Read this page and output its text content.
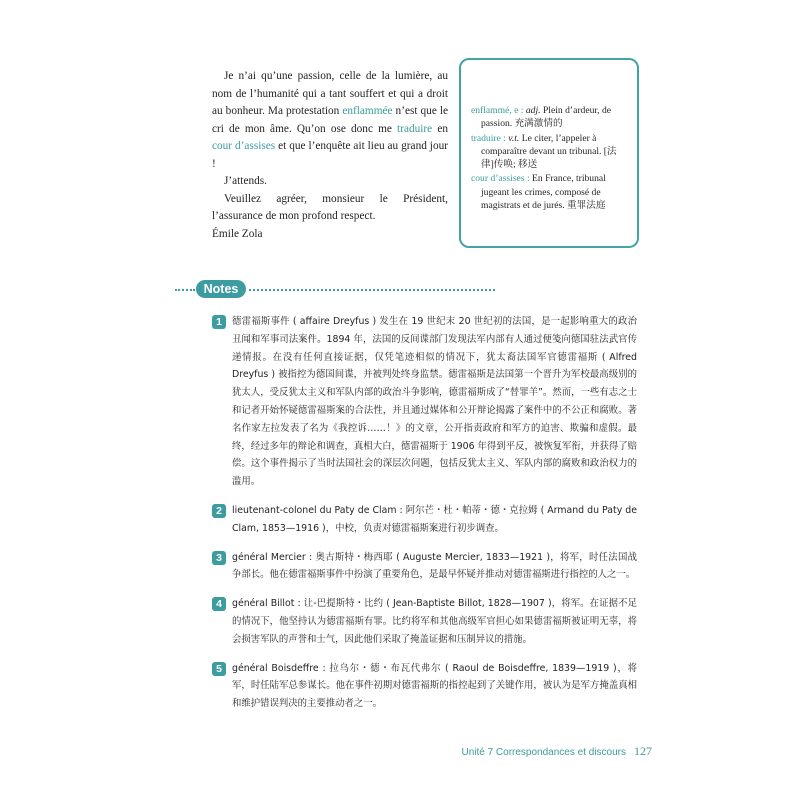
Je n’ai qu’une passion, celle de la lumière, au nom de l’humanité qui a tant souffert et qui a droit au bonheur. Ma protestation enflammée n’est que le cri de mon âme. Qu’on ose donc me traduire en cour d’assises et que l’enquête ait lieu au grand jour !

J’attends.

Veuillez agréer, monsieur le Président, l’assurance de mon profond respect.

Émile Zola

enflammé, e : adj. Plein d’ardeur, de passion. 充满激情的
traduire : v.t. Le citer, l’appeler à comparaître devant un tribunal. [法律]传唤; 移送
cour d’assises : En France, tribunal jugeant les crimes, composé de magistrats et de jurés. 重罪法庭
Notes
1	德雷福斯事件 ( affaire Dreyfus ) 发生在 19 世纪末 20 世纪初的法国，是一起影响重大的政治丑闻和军事司法案件。1894 年，法国的反间谍部门发现法军内部有人通过便笺向德国驻法武官传递情报。在没有任何直接证据，仅凭笔迹相似的情况下，犹太裔法国军官德雷福斯 ( Alfred Dreyfus ) 被指控为德国间谍，并被判处终身监禁。德雷福斯是法国第一个晋升为军校最高级别的犹太人，受反犹太主义和军队内部的政治斗争影响，德雷福斯成了“替罪羊”。然而，一些有志之士和记者开始怀疑德雷福斯案的合法性，并且通过媒体和公开辩论揭露了案件中的不公正和腐败。著名作家左拉发表了名为《我控诉……！》的文章，公开指责政府和军方的迫害、欺骗和虚假。最终，经过多年的辩论和调查，真相大白，德雷福斯于 1906 年得到平反，被恢复军衔，并获得了赔偿。这个事件揭示了当时法国社会的深层次问题，包括反犹太主义、军队内部的腐败和政治权力的滥用。
2	lieutenant-colonel du Paty de Clam : 阿尔芒・杜・帕蒂・德・克拉姆 ( Armand du Paty de Clam, 1853—1916 )，中校，负责对德雷福斯案进行初步调查。
3	général Mercier : 奥古斯特・梅西耶 ( Auguste Mercier, 1833—1921 )，将军，时任法国战争部长。他在德雷福斯事件中扮演了重要角色，是最早怀疑并推动对德雷福斯进行指控的人之一。
4	général Billot : 让-巴提斯特・比约 ( Jean-Baptiste Billot, 1828—1907 )，将军。在证据不足的情况下，他坚持认为德雷福斯有罪。比约将军和其他高级军官担心如果德雷福斯被证明无辜，将会损害军队的声誉和士气，因此他们采取了掩盖证据和压制异议的措施。
5	général Boisdeffre : 拉乌尔・德・布瓦代弗尔 ( Raoul de Boisdeffre, 1839—1919 )，将军，时任陆军总参谋长。他在事件初期对德雷福斯的指控起到了关键作用，被认为是军方掩盖真相和维护错误判决的主要推动者之一。
Unité 7 Correspondances et discours 127
